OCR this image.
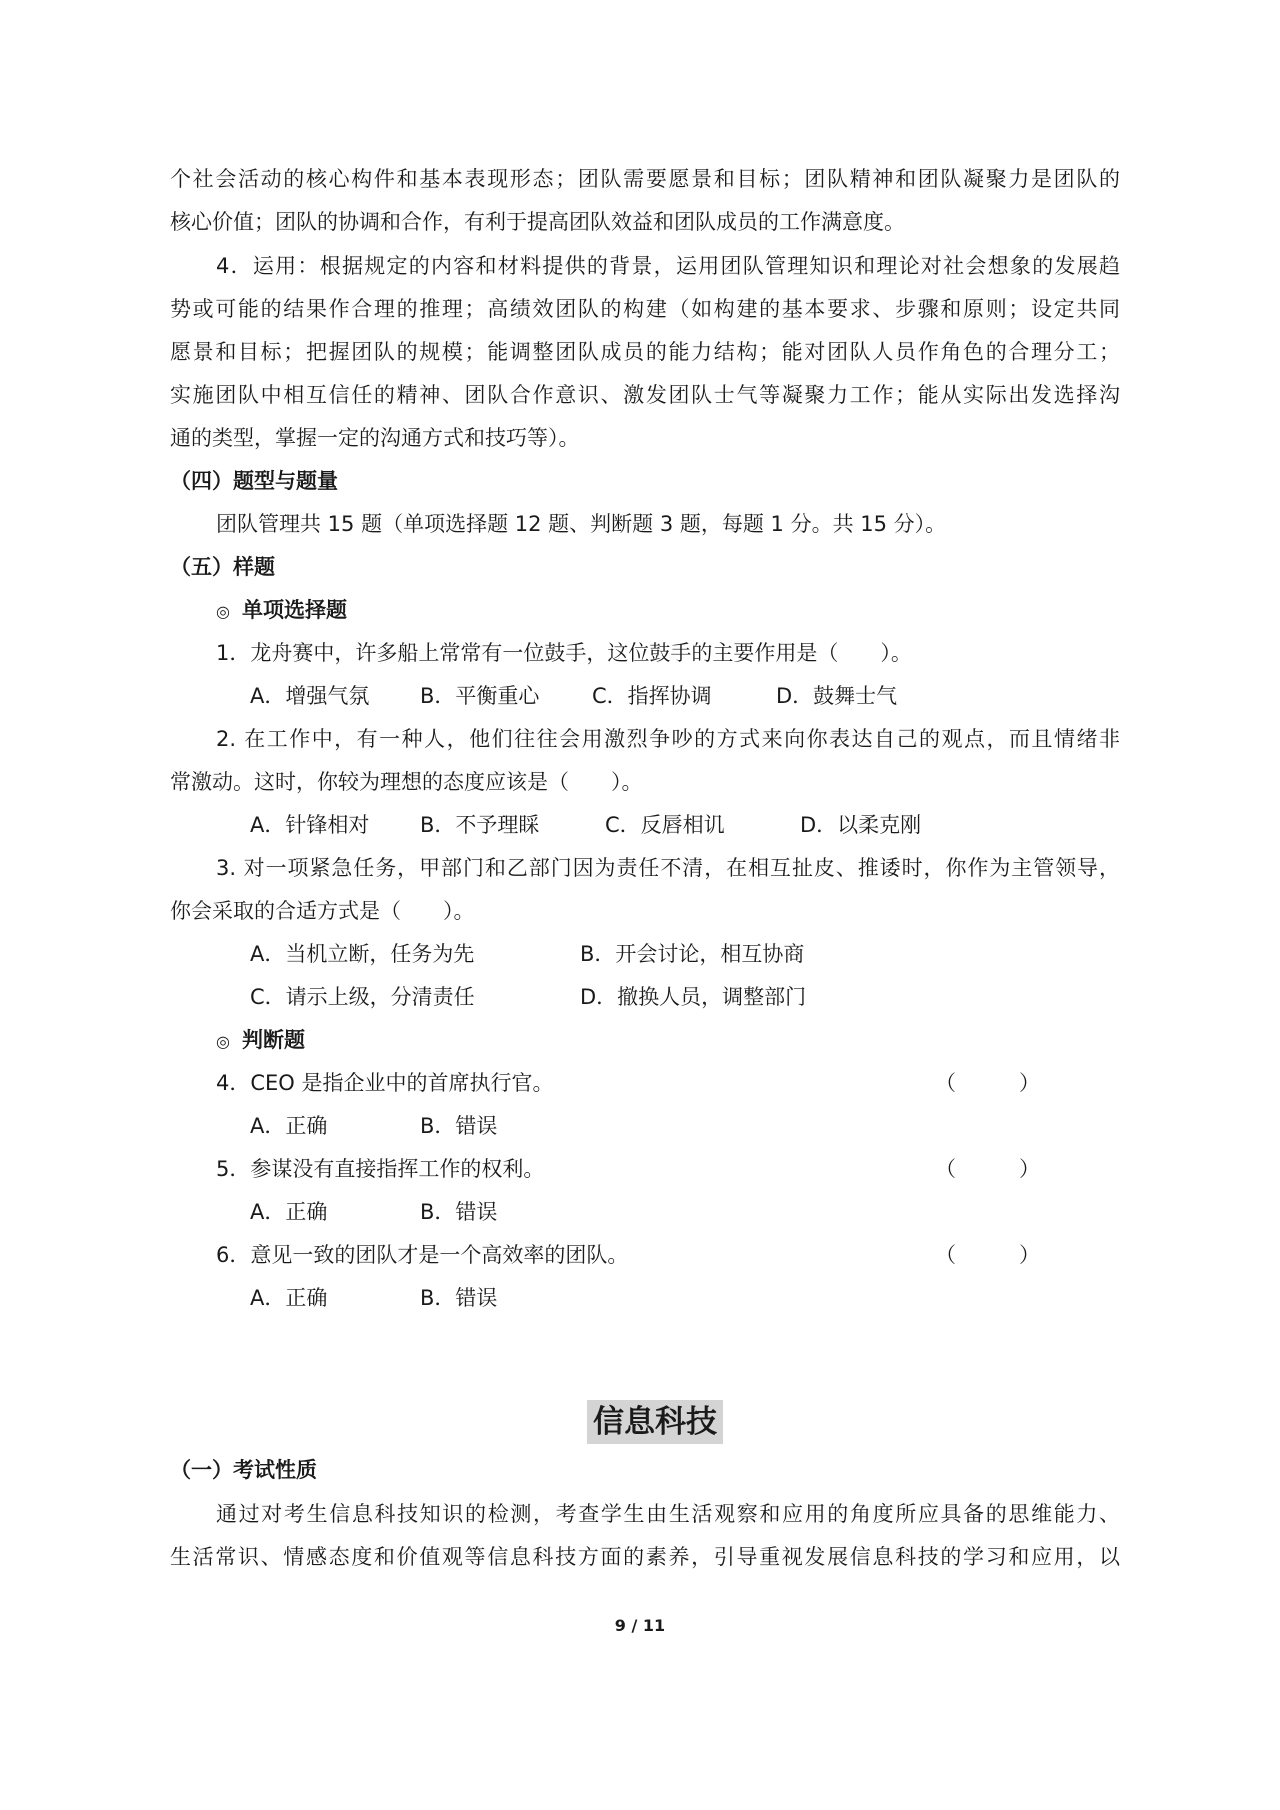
个社会活动的核心构件和基本表现形态；团队需要愿景和目标；团队精神和团队凝聚力是团队的
核心价值；团队的协调和合作，有利于提高团队效益和团队成员的工作满意度。
4．运用：根据规定的内容和材料提供的背景，运用团队管理知识和理论对社会想象的发展趋
势或可能的结果作合理的推理；高绩效团队的构建（如构建的基本要求、步骤和原则；设定共同
愿景和目标；把握团队的规模；能调整团队成员的能力结构；能对团队人员作角色的合理分工；
实施团队中相互信任的精神、团队合作意识、激发团队士气等凝聚力工作；能从实际出发选择沟
通的类型，掌握一定的沟通方式和技巧等）。
（四）题型与题量
团队管理共 15 题（单项选择题 12 题、判断题 3 题，每题 1 分。共 15 分）。
（五）样题
◎ 单项选择题
1．龙舟赛中，许多船上常常有一位鼓手，这位鼓手的主要作用是（　　）。
A．增强气氛 B．平衡重心	C．指挥协调	D．鼓舞士气
2. 在工作中，有一种人，他们往往会用激烈争吵的方式来向你表达自己的观点，而且情绪非
常激动。这时，你较为理想的态度应该是（　　）。
A．针锋相对 B．不予理睬	C．反唇相讥	D．以柔克刚
3. 对一项紧急任务，甲部门和乙部门因为责任不清，在相互扯皮、推诿时，你作为主管领导，
你会采取的合适方式是（　　）。
A．当机立断，任务为先	B．开会讨论，相互协商
C．请示上级，分清责任	D．撤换人员，调整部门
◎ 判断题
4．CEO 是指企业中的首席执行官。	（　　　）
A．正确	B．错误
5．参谋没有直接指挥工作的权利。	（　　　）
A．正确	B．错误
6．意见一致的团队才是一个高效率的团队。	（　　　）
A．正确	B．错误
信息科技
（一）考试性质
通过对考生信息科技知识的检测，考查学生由生活观察和应用的角度所应具备的思维能力、
生活常识、情感态度和价值观等信息科技方面的素养，引导重视发展信息科技的学习和应用，以
9 / 11
